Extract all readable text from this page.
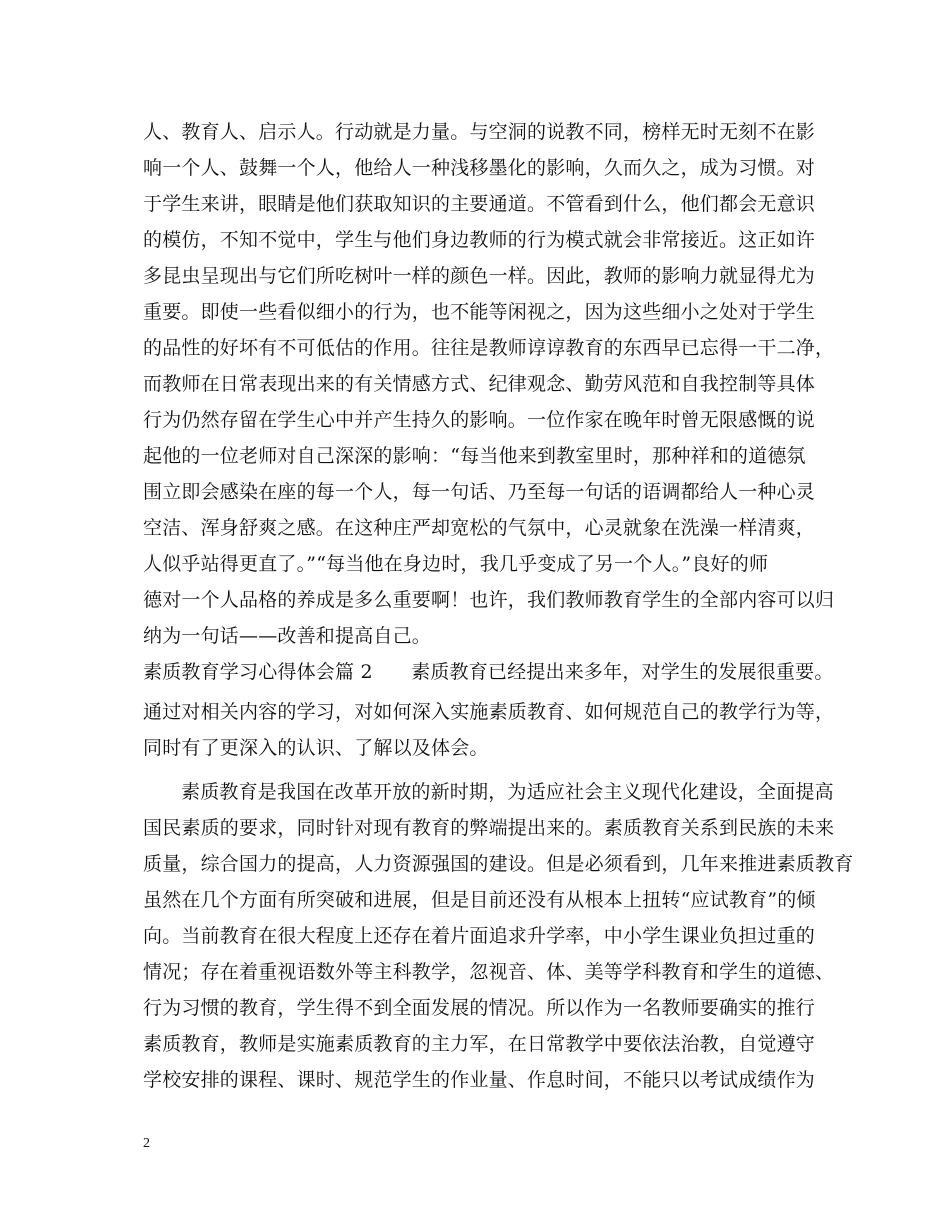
人、教育人、启示人。行动就是力量。与空洞的说教不同，榜样无时无刻不在影
响一个人、鼓舞一个人，他给人一种浅移墨化的影响，久而久之，成为习惯。对
于学生来讲，眼睛是他们获取知识的主要通道。不管看到什么，他们都会无意识
的模仿，不知不觉中，学生与他们身边教师的行为模式就会非常接近。这正如许
多昆虫呈现出与它们所吃树叶一样的颜色一样。因此，教师的影响力就显得尤为
重要。即使一些看似细小的行为，也不能等闲视之，因为这些细小之处对于学生
的品性的好坏有不可低估的作用。往往是教师谆谆教育的东西早已忘得一干二净，
而教师在日常表现出来的有关情感方式、纪律观念、勤劳风范和自我控制等具体
行为仍然存留在学生心中并产生持久的影响。一位作家在晚年时曾无限感慨的说
起他的一位老师对自己深深的影响：“每当他来到教室里时，那种祥和的道德氛
围立即会感染在座的每一个人，每一句话、乃至每一句话的语调都给人一种心灵
空洁、浑身舒爽之感。在这种庄严却宽松的气氛中，心灵就象在洗澡一样清爽，
人似乎站得更直了。”“每当他在身边时，我几乎变成了另一个人。”良好的师
德对一个人品格的养成是多么重要啊！也许，我们教师教育学生的全部内容可以归
纳为一句话——改善和提高自己。
素质教育学习心得体会篇 2　　素质教育已经提出来多年，对学生的发展很重要。
通过对相关内容的学习，对如何深入实施素质教育、如何规范自己的教学行为等，
同时有了更深入的认识、了解以及体会。
素质教育是我国在改革开放的新时期，为适应社会主义现代化建设，全面提高
国民素质的要求，同时针对现有教育的弊端提出来的。素质教育关系到民族的未来
质量，综合国力的提高，人力资源强国的建设。但是必须看到，几年来推进素质教育
虽然在几个方面有所突破和进展，但是目前还没有从根本上扭转“应试教育”的倾
向。当前教育在很大程度上还存在着片面追求升学率，中小学生课业负担过重的
情况；存在着重视语数外等主科教学，忽视音、体、美等学科教育和学生的道德、
行为习惯的教育，学生得不到全面发展的情况。所以作为一名教师要确实的推行
素质教育，教师是实施素质教育的主力军，在日常教学中要依法治教，自觉遵守
学校安排的课程、课时、规范学生的作业量、作息时间，不能只以考试成绩作为
2
